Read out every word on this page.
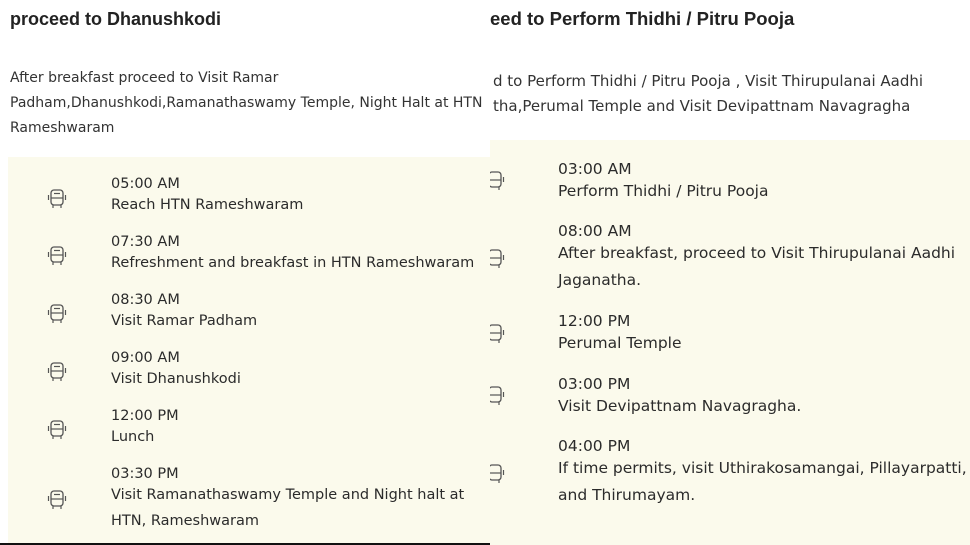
proceed to Dhanushkodi
After breakfast proceed to Visit Ramar Padham,Dhanushkodi,Ramanathaswamy Temple, Night Halt at HTN Rameshwaram
05:00 AM
Reach HTN Rameshwaram
07:30 AM
Refreshment and breakfast in HTN Rameshwaram
08:30 AM
Visit Ramar Padham
09:00 AM
Visit Dhanushkodi
12:00 PM
Lunch
03:30 PM
Visit Ramanathaswamy Temple and Night halt at HTN, Rameshwaram
eed to Perform Thidhi / Pitru Pooja
d to Perform Thidhi / Pitru Pooja , Visit Thirupulanai Aadhi tha,Perumal Temple and Visit Devipattnam Navagragha
03:00 AM
Perform Thidhi / Pitru Pooja
08:00 AM
After breakfast, proceed to Visit Thirupulanai Aadhi Jaganatha.
12:00 PM
Perumal Temple
03:00 PM
Visit Devipattnam Navagragha.
04:00 PM
If time permits, visit Uthirakosamangai, Pillayarpatti, and Thirumayam.
